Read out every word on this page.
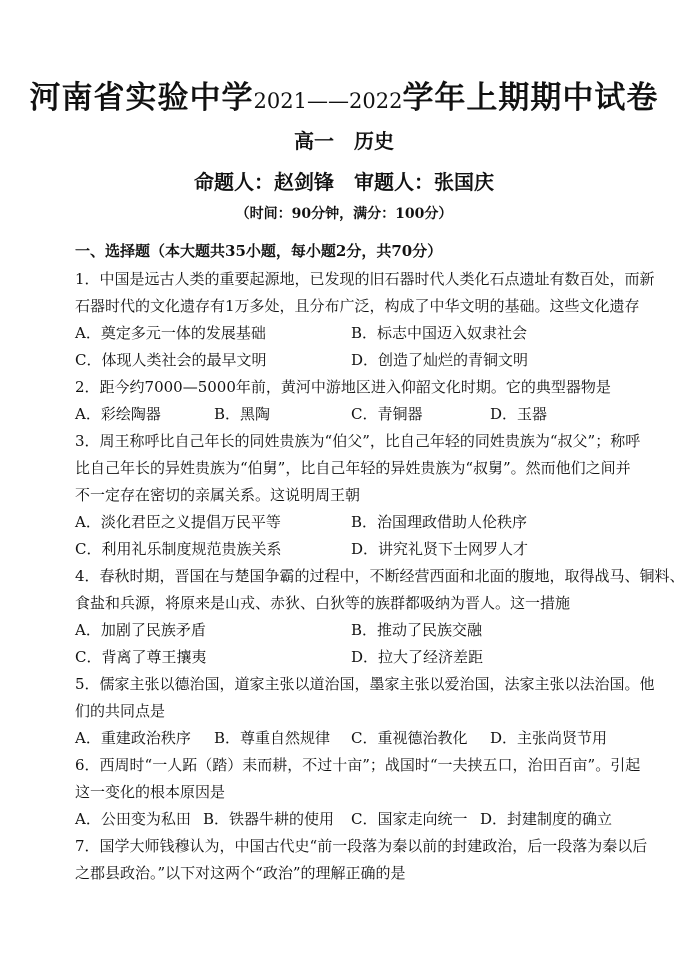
河南省实验中学2021——2022学年上期期中试卷
高一　历史
命题人：赵剑锋　审题人：张国庆
（时间：90分钟，满分：100分）
一、选择题（本大题共35小题，每小题2分，共70分）
1．中国是远古人类的重要起源地，已发现的旧石器时代人类化石点遗址有数百处，而新
石器时代的文化遗存有1万多处，且分布广泛，构成了中华文明的基础。这些文化遗存
A．奠定多元一体的发展基础	B．标志中国迈入奴隶社会
C．体现人类社会的最早文明	D．创造了灿烂的青铜文明
2．距今约7000—5000年前，黄河中游地区进入仰韶文化时期。它的典型器物是
A．彩绘陶器	B．黑陶	C．青铜器	D．玉器
3．周王称呼比自己年长的同姓贵族为“伯父”，比自己年轻的同姓贵族为“叔父”；称呼
比自己年长的异姓贵族为“伯舅”，比自己年轻的异姓贵族为“叔舅”。然而他们之间并
不一定存在密切的亲属关系。这说明周王朝
A．淡化君臣之义提倡万民平等	B．治国理政借助人伦秩序
C．利用礼乐制度规范贵族关系	D．讲究礼贤下士网罗人才
4．春秋时期，晋国在与楚国争霸的过程中，不断经营西面和北面的腹地，取得战马、铜料、
食盐和兵源，将原来是山戎、赤狄、白狄等的族群都吸纳为晋人。这一措施
A．加剧了民族矛盾	B．推动了民族交融
C．背离了尊王攘夷	D．拉大了经济差距
5．儒家主张以德治国，道家主张以道治国，墨家主张以爱治国，法家主张以法治国。他
们的共同点是
A．重建政治秩序 B．尊重自然规律 C．重视德治教化 D．主张尚贤节用
6．西周时“一人跖（踏）耒而耕，不过十亩”；战国时“一夫挟五口，治田百亩”。引起
这一变化的根本原因是
A．公田变为私田 B．铁器牛耕的使用 C．国家走向统一 D．封建制度的确立
7．国学大师钱穆认为，中国古代史“前一段落为秦以前的封建政治，后一段落为秦以后
之郡县政治。”以下对这两个“政治”的理解正确的是
